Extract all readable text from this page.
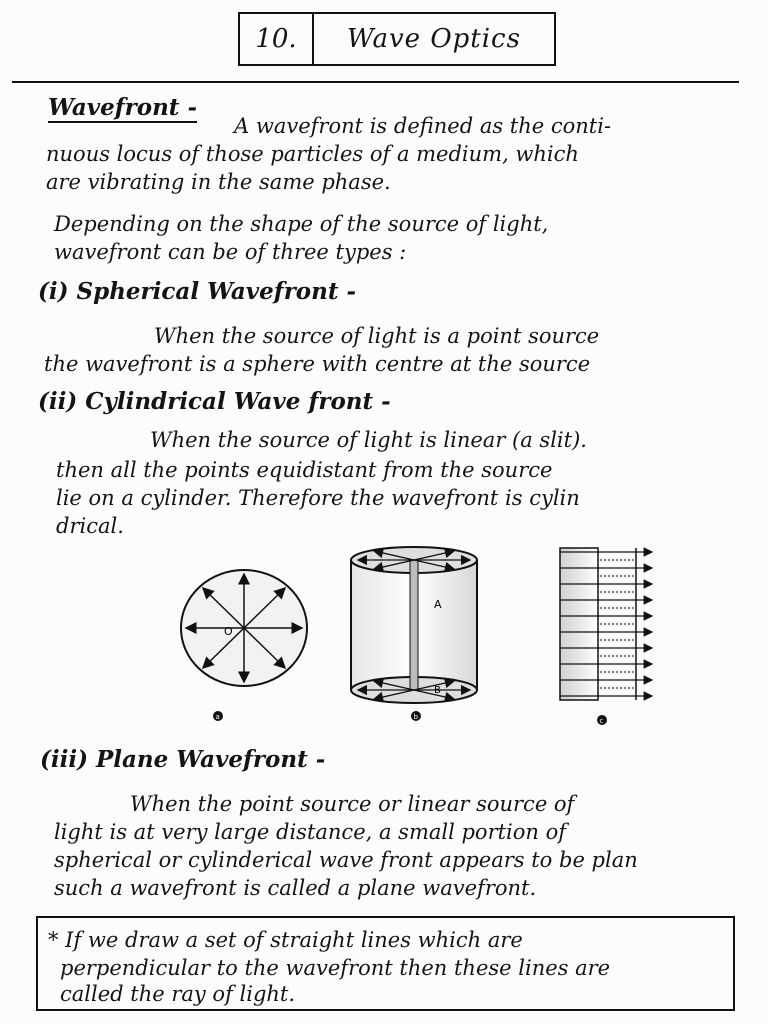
10.	Wave Optics
Wavefront -
A wavefront is defined as the conti-
nuous locus of those particles of a medium, which
are vibrating in the same phase.
Depending on the shape of the source of light,
wavefront can be of three types :
(i) Spherical Wavefront -
When the source of light is a point source
the wavefront is a sphere with centre at the source
(ii) Cylindrical Wave front -
When the source of light is linear (a slit).
then all the points equidistant from the source
lie on a cylinder. Therefore the wavefront is cylin
drical.
O
a
A
B
b	c
(iii) Plane Wavefront -
When the point source or linear source of
light is at very large distance, a small portion of
spherical or cylinderical wave front appears to be plan
such a wavefront is called a plane wavefront.
* If we draw a set of straight lines which are
perpendicular to the wavefront then these lines are
called the ray of light.
